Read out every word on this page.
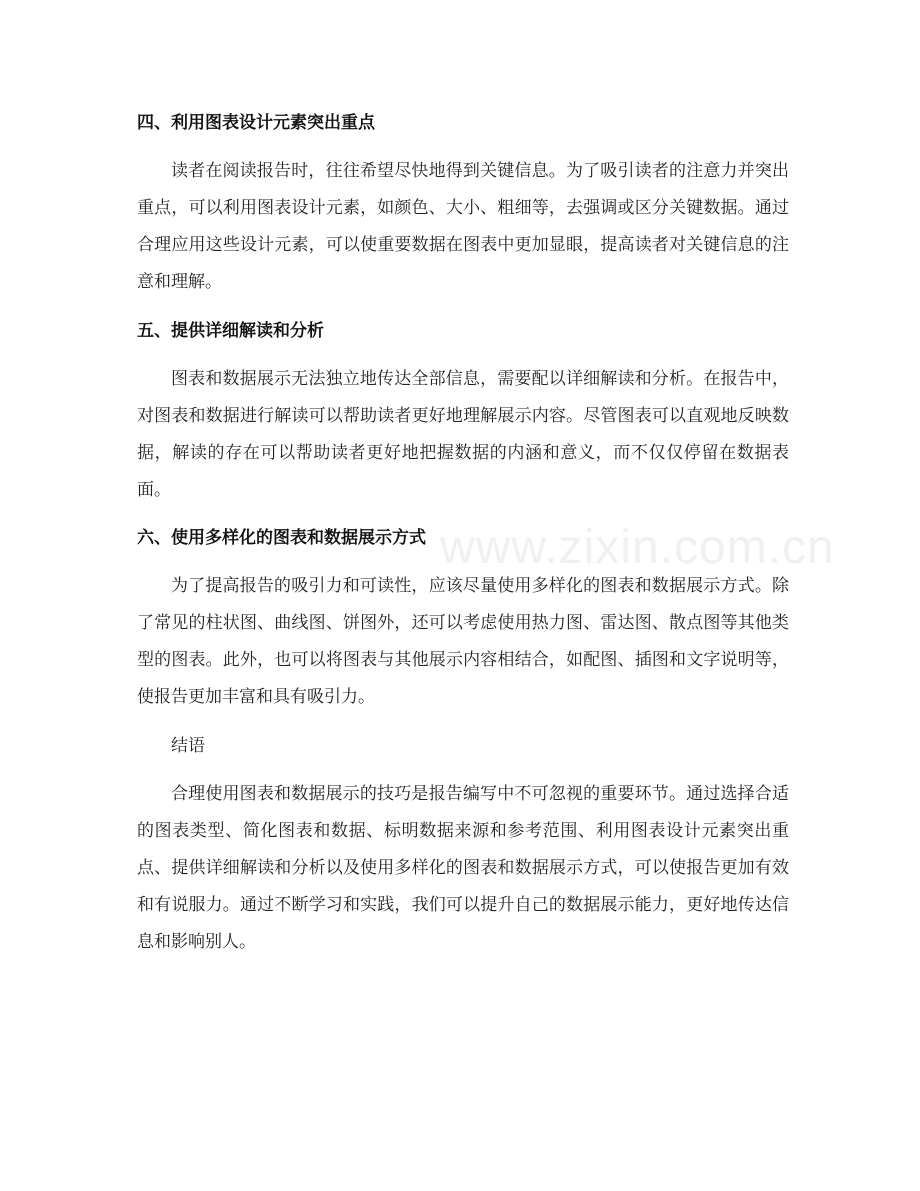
www.zixin.com.cn
四、利用图表设计元素突出重点

读者在阅读报告时，往往希望尽快地得到关键信息。为了吸引读者的注意力并突出重点，可以利用图表设计元素，如颜色、大小、粗细等，去强调或区分关键数据。通过合理应用这些设计元素，可以使重要数据在图表中更加显眼，提高读者对关键信息的注意和理解。

五、提供详细解读和分析

图表和数据展示无法独立地传达全部信息，需要配以详细解读和分析。在报告中，对图表和数据进行解读可以帮助读者更好地理解展示内容。尽管图表可以直观地反映数据，解读的存在可以帮助读者更好地把握数据的内涵和意义，而不仅仅停留在数据表面。

六、使用多样化的图表和数据展示方式

为了提高报告的吸引力和可读性，应该尽量使用多样化的图表和数据展示方式。除了常见的柱状图、曲线图、饼图外，还可以考虑使用热力图、雷达图、散点图等其他类型的图表。此外，也可以将图表与其他展示内容相结合，如配图、插图和文字说明等，使报告更加丰富和具有吸引力。

结语

合理使用图表和数据展示的技巧是报告编写中不可忽视的重要环节。通过选择合适的图表类型、简化图表和数据、标明数据来源和参考范围、利用图表设计元素突出重点、提供详细解读和分析以及使用多样化的图表和数据展示方式，可以使报告更加有效和有说服力。通过不断学习和实践，我们可以提升自己的数据展示能力，更好地传达信息和影响别人。
